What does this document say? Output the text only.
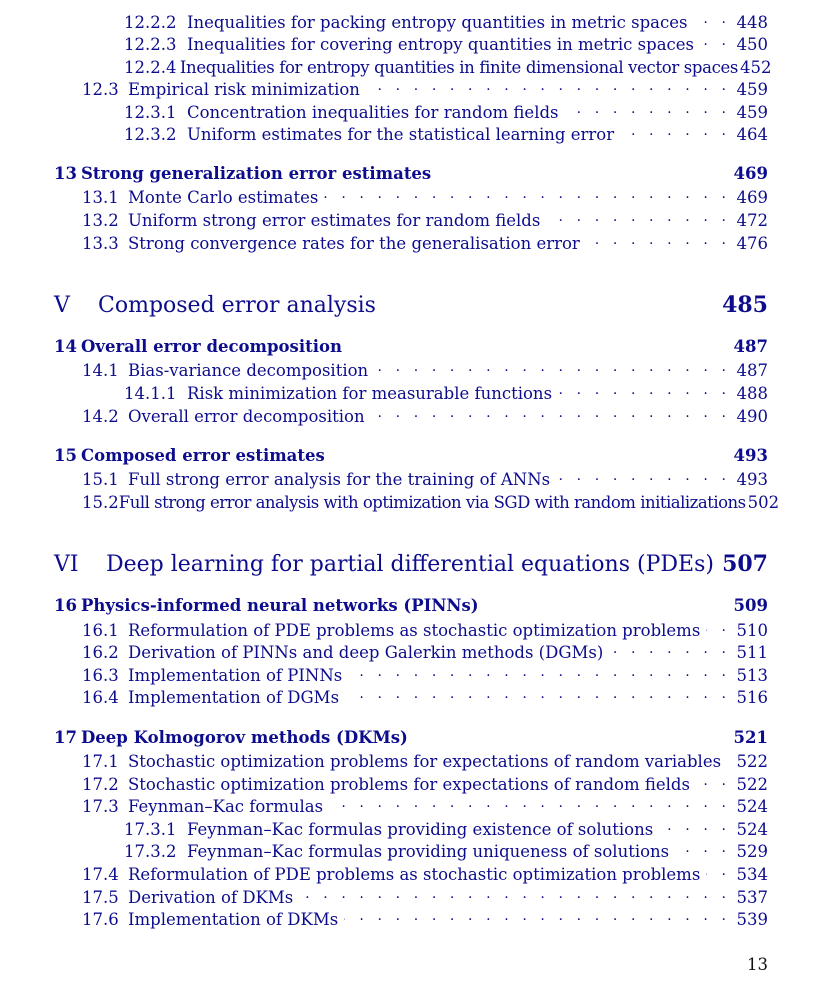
12.2.2 Inequalities for packing entropy quantities in metric spaces . . .	448
12.2.3 Inequalities for covering entropy quantities in metric spaces . . .	450
12.2.4 Inequalities for entropy quantities in finite dimensional vector spaces 452
12.3 Empirical risk minimization . . .	459
12.3.1 Concentration inequalities for random fields . . .	459
12.3.2 Uniform estimates for the statistical learning error . . .	464
13 Strong generalization error estimates	469
13.1 Monte Carlo estimates . . .	469
13.2 Uniform strong error estimates for random fields . . .	472
13.3 Strong convergence rates for the generalisation error . . .	476
V	Composed error analysis	485
14 Overall error decomposition	487
14.1 Bias-variance decomposition . . .	487
14.1.1 Risk minimization for measurable functions . . .	488
14.2 Overall error decomposition . . .	490
15 Composed error estimates	493
15.1 Full strong error analysis for the training of ANNs . . .	493
15.2 Full strong error analysis with optimization via SGD with random initializations 502
VI	Deep learning for partial differential equations (PDEs) 507
16 Physics-informed neural networks (PINNs)	509
16.1 Reformulation of PDE problems as stochastic optimization problems . . . 510
16.2 Derivation of PINNs and deep Galerkin methods (DGMs) . . .	511
16.3 Implementation of PINNs . . .	513
16.4 Implementation of DGMs . . .	516
17 Deep Kolmogorov methods (DKMs)	521
17.1 Stochastic optimization problems for expectations of random variables . . . 522
17.2 Stochastic optimization problems for expectations of random fields . . .	522
17.3 Feynman–Kac formulas . . .	524
17.3.1 Feynman–Kac formulas providing existence of solutions . . .	524
17.3.2 Feynman–Kac formulas providing uniqueness of solutions . . .	529
17.4 Reformulation of PDE problems as stochastic optimization problems . . . 534
17.5 Derivation of DKMs . . .	537
17.6 Implementation of DKMs . . .	539
13
